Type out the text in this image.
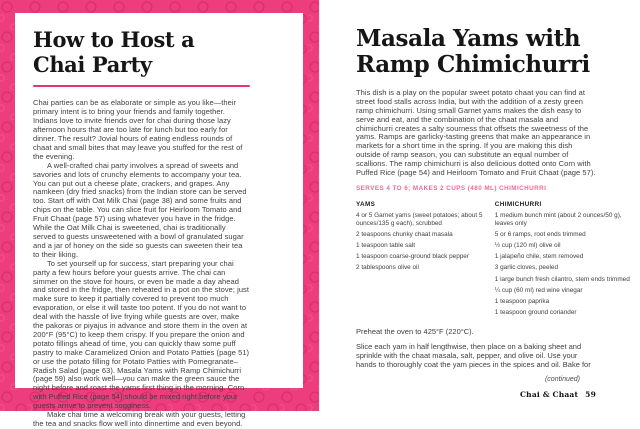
How to Host a
Chai Party

Chai parties can be as elaborate or simple as you like—their primary intent is to bring your friends and family together. Indians love to invite friends over for chai during those lazy afternoon hours that are too late for lunch but too early for dinner. The result? Jovial hours of eating endless rounds of chaat and small bites that may leave you stuffed for the rest of the evening.

A well-crafted chai party involves a spread of sweets and savories and lots of crunchy elements to accompany your tea. You can put out a cheese plate, crackers, and grapes. Any namkeen (dry fried snacks) from the Indian store can be served too. Start off with Oat Milk Chai (page 38) and some fruits and chips on the table. You can slice fruit for Heirloom Tomato and Fruit Chaat (page 57) using whatever you have in the fridge. While the Oat Milk Chai is sweetened, chai is traditionally served to guests unsweetened with a bowl of granulated sugar and a jar of honey on the side so guests can sweeten their tea to their liking.

To set yourself up for success, start preparing your chai party a few hours before your guests arrive. The chai can simmer on the stove for hours, or even be made a day ahead and stored in the fridge, then reheated in a pot on the stove; just make sure to keep it partially covered to prevent too much evaporation, or else it will taste too potent. If you do not want to deal with the hassle of live frying while guests are over, make the pakoras or piyajus in advance and store them in the oven at 200°F (95°C) to keep them crispy. If you prepare the onion and potato fillings ahead of time, you can quickly thaw some puff pastry to make Caramelized Onion and Potato Patties (page 51) or use the potato filling for Potato Patties with Pomegranate–Radish Salad (page 63). Masala Yams with Ramp Chimichurri (page 59) also work well—you can make the green sauce the night before and roast the yams first thing in the morning. Corn with Puffed Rice (page 54) should be mixed right before your guests arrive to prevent sogginess.

Make chai time a welcoming break with your guests, letting the tea and snacks flow well into dinnertime and even beyond.

Masala Yams with
Ramp Chimichurri
This dish is a play on the popular sweet potato chaat you can find at street food stalls across India, but with the addition of a zesty green ramp chimichurri. Using small Garnet yams makes the dish easy to serve and eat, and the combination of the chaat masala and chimichurri creates a salty sourness that offsets the sweetness of the yams. Ramps are garlicky-tasting greens that make an appearance in markets for a short time in the spring. If you are making this dish outside of ramp season, you can substitute an equal number of scallions. The ramp chimichurri is also delicious dotted onto Corn with Puffed Rice (page 54) and Heirloom Tomato and Fruit Chaat (page 57).
SERVES 4 TO 6; MAKES 2 CUPS (480 ML) CHIMICHURRI

YAMS

4 or 5 Garnet yams (sweet potatoes; about 5 ounces/135 g each), scrubbed

2 teaspoons chunky chaat masala

1 teaspoon table salt

1 teaspoon coarse-ground black pepper

2 tablespoons olive oil

CHIMICHURRI

1 medium bunch mint (about 2 ounces/50 g), leaves only

5 or 6 ramps, root ends trimmed

½ cup (120 ml) olive oil

1 jalapeño chile, stem removed

3 garlic cloves, peeled

1 large bunch fresh cilantro, stem ends trimmed

¼ cup (60 ml) red wine vinegar

1 teaspoon paprika

1 teaspoon ground coriander

Preheat the oven to 425°F (220°C).

Slice each yam in half lengthwise, then place on a baking sheet and sprinkle with the chaat masala, salt, pepper, and olive oil. Use your hands to thoroughly coat the yam pieces in the spices and oil. Bake for

(continued)
Chai & Chaat 59
